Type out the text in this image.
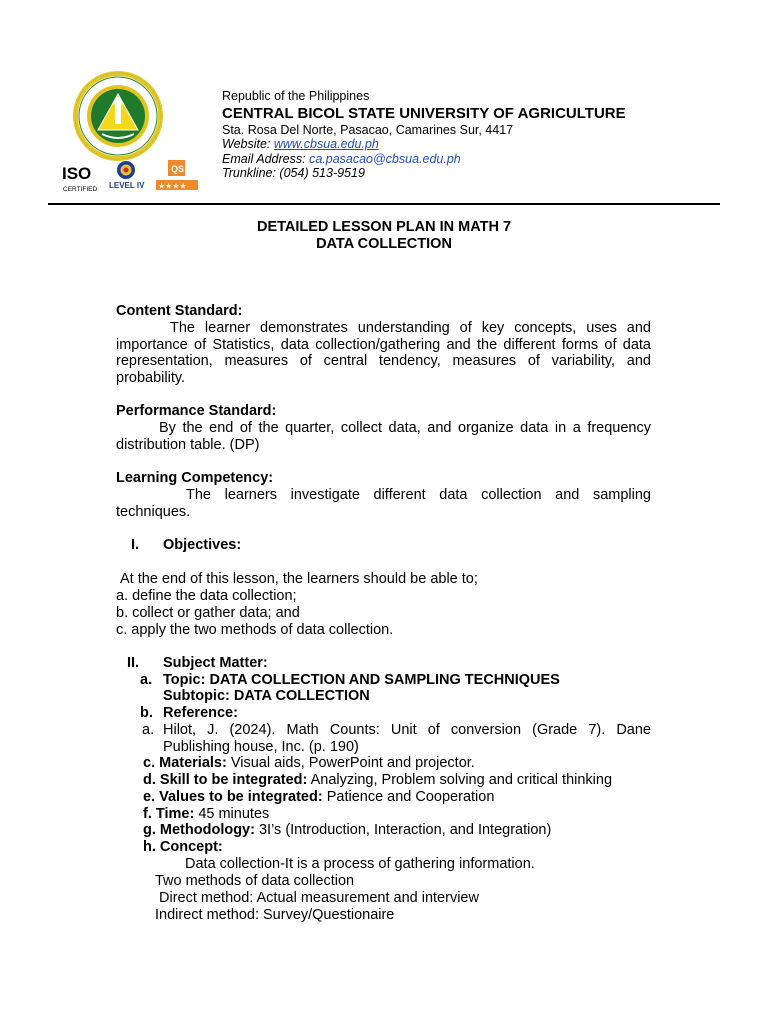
ISO
CERTIFIED LEVEL IV
QS
★★★★
Republic of the Philippines
CENTRAL BICOL STATE UNIVERSITY OF AGRICULTURE
Sta. Rosa Del Norte, Pasacao, Camarines Sur, 4417
Website: www.cbsua.edu.ph
Email Address: ca.pasacao@cbsua.edu.ph
Trunkline: (054) 513-9519
DETAILED LESSON PLAN IN MATH 7
DATA COLLECTION
Content Standard:
The learner demonstrates understanding of key concepts, uses and importance of Statistics, data collection/gathering and the different forms of data representation, measures of central tendency, measures of variability, and probability.
Performance Standard:
By the end of the quarter, collect data, and organize data in a frequency distribution table. (DP)
Learning Competency:
The learners investigate different data collection and sampling techniques.
I. Objectives:
At the end of this lesson, the learners should be able to;
a. define the data collection;
b. collect or gather data; and
c. apply the two methods of data collection.
II. Subject Matter:
a. Topic: DATA COLLECTION AND SAMPLING TECHNIQUES
Subtopic: DATA COLLECTION
b. Reference:
a. Hilot, J. (2024). Math Counts: Unit of conversion (Grade 7). Dane Publishing house, Inc. (p. 190)
c. Materials: Visual aids, PowerPoint and projector.
d. Skill to be integrated: Analyzing, Problem solving and critical thinking
e. Values to be integrated: Patience and Cooperation
f. Time: 45 minutes
g. Methodology: 3I’s (Introduction, Interaction, and Integration)
h. Concept:
Data collection-It is a process of gathering information.
Two methods of data collection
Direct method: Actual measurement and interview
Indirect method: Survey/Questionaire
